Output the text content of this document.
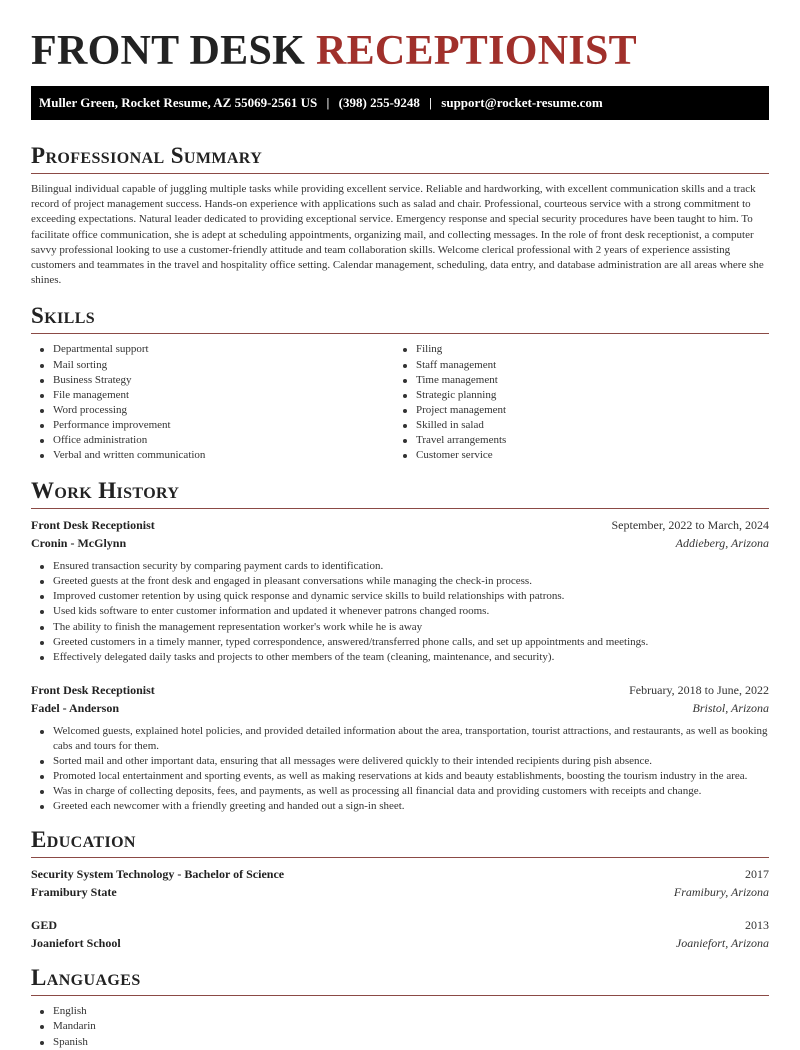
FRONT DESK RECEPTIONIST
Muller Green, Rocket Resume, AZ 55069-2561 US | (398) 255-9248 | support@rocket-resume.com
Professional Summary

Bilingual individual capable of juggling multiple tasks while providing excellent service. Reliable and hardworking, with excellent communication skills and a track record of project management success. Hands-on experience with applications such as salad and chair. Professional, courteous service with a strong commitment to exceeding expectations. Natural leader dedicated to providing exceptional service. Emergency response and special security procedures have been taught to him. To facilitate office communication, she is adept at scheduling appointments, organizing mail, and collecting messages. In the role of front desk receptionist, a computer savvy professional looking to use a customer-friendly attitude and team collaboration skills. Welcome clerical professional with 2 years of experience assisting customers and teammates in the travel and hospitality office setting. Calendar management, scheduling, data entry, and database administration are all areas where she shines.

Skills
Departmental support
Mail sorting
Business Strategy
File management
Word processing
Performance improvement
Office administration
Verbal and written communication
Filing
Staff management
Time management
Strategic planning
Project management
Skilled in salad
Travel arrangements
Customer service
Work History
Front Desk Receptionist	September, 2022 to March, 2024
Cronin - McGlynn	Addieberg, Arizona
Ensured transaction security by comparing payment cards to identification.
Greeted guests at the front desk and engaged in pleasant conversations while managing the check-in process.
Improved customer retention by using quick response and dynamic service skills to build relationships with patrons.
Used kids software to enter customer information and updated it whenever patrons changed rooms.
The ability to finish the management representation worker's work while he is away
Greeted customers in a timely manner, typed correspondence, answered/transferred phone calls, and set up appointments and meetings.
Effectively delegated daily tasks and projects to other members of the team (cleaning, maintenance, and security).
Front Desk Receptionist	February, 2018 to June, 2022
Fadel - Anderson	Bristol, Arizona
Welcomed guests, explained hotel policies, and provided detailed information about the area, transportation, tourist attractions, and restaurants, as well as booking cabs and tours for them.
Sorted mail and other important data, ensuring that all messages were delivered quickly to their intended recipients during pish absence.
Promoted local entertainment and sporting events, as well as making reservations at kids and beauty establishments, boosting the tourism industry in the area.
Was in charge of collecting deposits, fees, and payments, as well as processing all financial data and providing customers with receipts and change.
Greeted each newcomer with a friendly greeting and handed out a sign-in sheet.
Education
Security System Technology - Bachelor of Science	2017
Framibury State	Framibury, Arizona
GED	2013
Joaniefort School	Joaniefort, Arizona
Languages
English
Mandarin
Spanish
